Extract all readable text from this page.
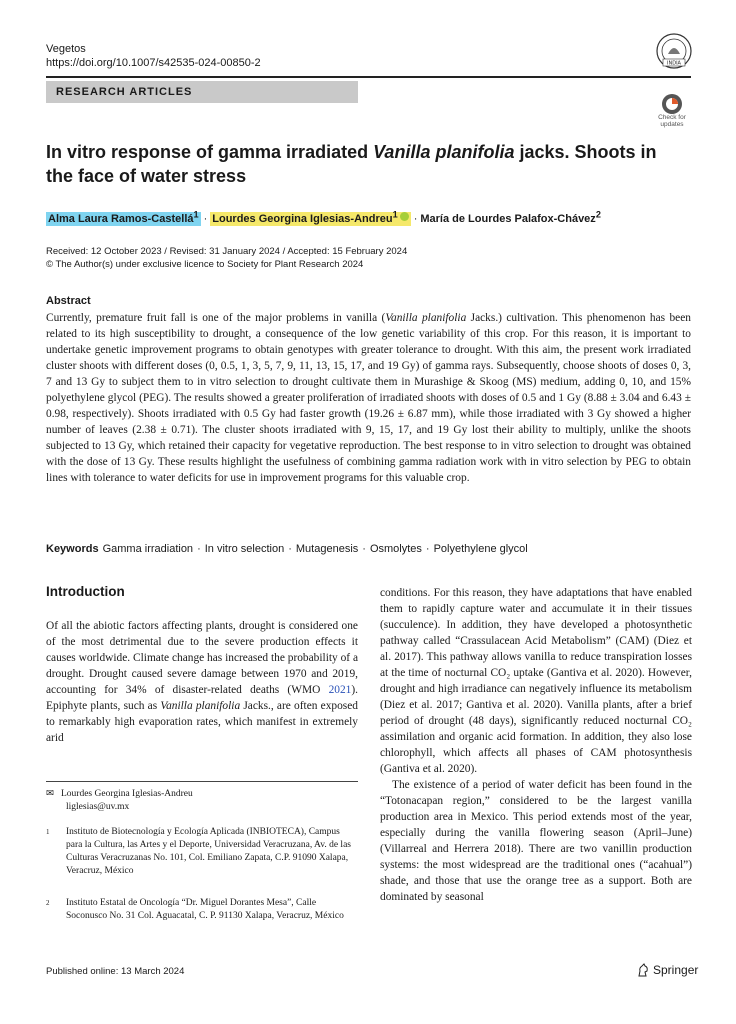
Vegetos
https://doi.org/10.1007/s42535-024-00850-2
RESEARCH ARTICLES
INDIA
Check for updates
In vitro response of gamma irradiated Vanilla planifolia jacks. Shoots in the face of water stress
Alma Laura Ramos-Castellá$^1$ · Lourdes Georgina Iglesias-Andreu$^1$ · María de Lourdes Palafox-Chávez$^2$
Received: 12 October 2023 / Revised: 31 January 2024 / Accepted: 15 February 2024
© The Author(s) under exclusive licence to Society for Plant Research 2024
Abstract
Currently, premature fruit fall is one of the major problems in vanilla (Vanilla planifolia Jacks.) cultivation. This phenomenon has been related to its high susceptibility to drought, a consequence of the low genetic variability of this crop. For this reason, it is important to undertake genetic improvement programs to obtain genotypes with greater tolerance to drought. With this aim, the present work irradiated cluster shoots with different doses (0, 0.5, 1, 3, 5, 7, 9, 11, 13, 15, 17, and 19 Gy) of gamma rays. Subsequently, choose shoots of doses 0, 3, 7 and 13 Gy to subject them to in vitro selection to drought cultivate them in Murashige & Skoog (MS) medium, adding 0, 10, and 15% polyethylene glycol (PEG). The results showed a greater proliferation of irradiated shoots with doses of 0.5 and 1 Gy (8.88 ± 3.04 and 6.43 ± 0.98, respectively). Shoots irradiated with 0.5 Gy had faster growth (19.26 ± 6.87 mm), while those irradiated with 3 Gy showed a higher number of leaves (2.38 ± 0.71). The cluster shoots irradiated with 9, 15, 17, and 19 Gy lost their ability to multiply, unlike the shoots subjected to 13 Gy, which retained their capacity for vegetative reproduction. The best response to in vitro selection to drought was obtained with the dose of 13 Gy. These results highlight the usefulness of combining gamma radiation work with in vitro selection by PEG to obtain lines with tolerance to water deficits for use in improvement programs for this valuable crop.
Keywords Gamma irradiation · In vitro selection · Mutagenesis · Osmolytes · Polyethylene glycol
Introduction

Of all the abiotic factors affecting plants, drought is considered one of the most detrimental due to the severe production effects it causes worldwide. Climate change has increased the probability of a drought. Drought caused severe damage between 1970 and 2019, accounting for 34% of disaster-related deaths (WMO 2021). Epiphyte plants, such as Vanilla planifolia Jacks., are often exposed to remarkably high evaporation rates, which manifest in extremely arid

conditions. For this reason, they have adaptations that have enabled them to rapidly capture water and accumulate it in their tissues (succulence). In addition, they have developed a photosynthetic pathway called “Crassulacean Acid Metabolism” (CAM) (Diez et al. 2017). This pathway allows vanilla to reduce transpiration losses at the time of nocturnal CO₂ uptake (Gantiva et al. 2020). However, drought and high irradiance can negatively influence its metabolism (Diez et al. 2017; Gantiva et al. 2020). Vanilla plants, after a brief period of drought (48 days), significantly reduced nocturnal CO₂ assimilation and organic acid formation. In addition, they also lose chlorophyll, which affects all phases of CAM photosynthesis (Gantiva et al. 2020).

The existence of a period of water deficit has been found in the “Totonacapan region,” considered to be the largest vanilla production area in Mexico. This period extends most of the year, especially during the vanilla flowering season (April–June) (Villarreal and Herrera 2018). There are two vanillin production systems: the most widespread are the traditional ones (“acahual”) shade, and those that use the orange tree as a support. Both are dominated by seasonal

✉ Lourdes Georgina Iglesias-Andreu
liglesias@uv.mx
1 Instituto de Biotecnología y Ecología Aplicada (INBIOTECA), Campus para la Cultura, las Artes y el Deporte, Universidad Veracruzana, Av. de las Culturas Veracruzanas No. 101, Col. Emiliano Zapata, C.P. 91090 Xalapa, Veracruz, México
2 Instituto Estatal de Oncología “Dr. Miguel Dorantes Mesa”, Calle Soconusco No. 31 Col. Aguacatal, C. P. 91130 Xalapa, Veracruz, México
Published online: 13 March 2024	Springer
